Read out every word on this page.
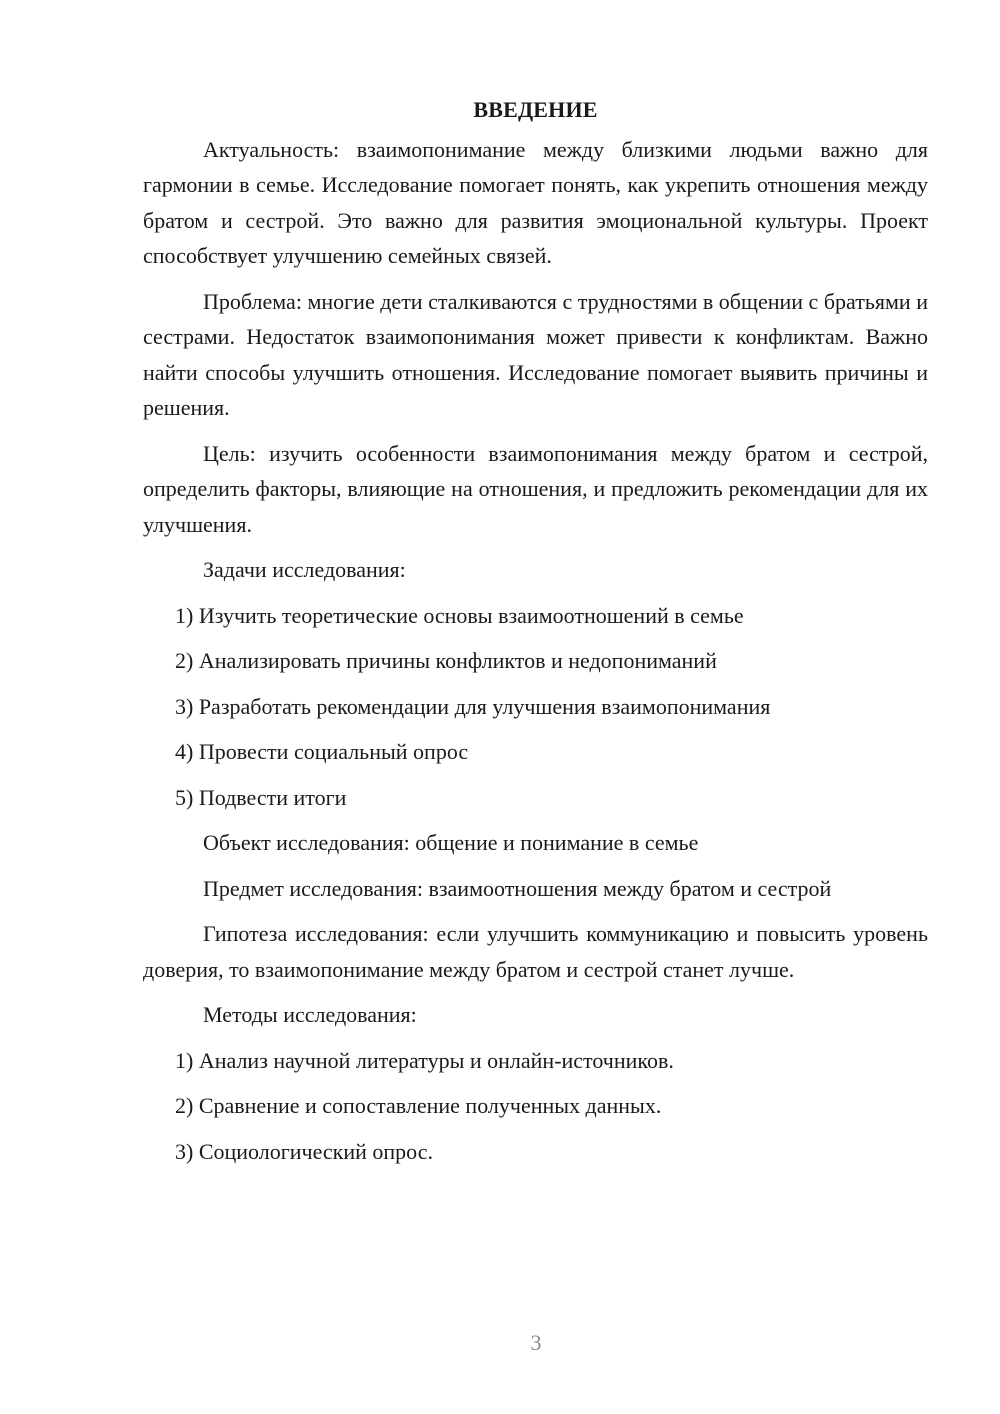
ВВЕДЕНИЕ

Актуальность: взаимопонимание между близкими людьми важно для гармонии в семье. Исследование помогает понять, как укрепить отношения между братом и сестрой. Это важно для развития эмоциональной культуры. Проект способствует улучшению семейных связей.

Проблема: многие дети сталкиваются с трудностями в общении с братьями и сестрами. Недостаток взаимопонимания может привести к конфликтам. Важно найти способы улучшить отношения. Исследование помогает выявить причины и решения.

Цель: изучить особенности взаимопонимания между братом и сестрой, определить факторы, влияющие на отношения, и предложить рекомендации для их улучшения.

Задачи исследования:
1) Изучить теоретические основы взаимоотношений в семье
2) Анализировать причины конфликтов и недопониманий
3) Разработать рекомендации для улучшения взаимопонимания
4) Провести социальный опрос
5) Подвести итоги
Объект исследования: общение и понимание в семье
Предмет исследования: взаимоотношения между братом и сестрой

Гипотеза исследования: если улучшить коммуникацию и повысить уровень доверия, то взаимопонимание между братом и сестрой станет лучше.

Методы исследования:
1) Анализ научной литературы и онлайн-источников.
2) Сравнение и сопоставление полученных данных.
3) Социологический опрос.
3
